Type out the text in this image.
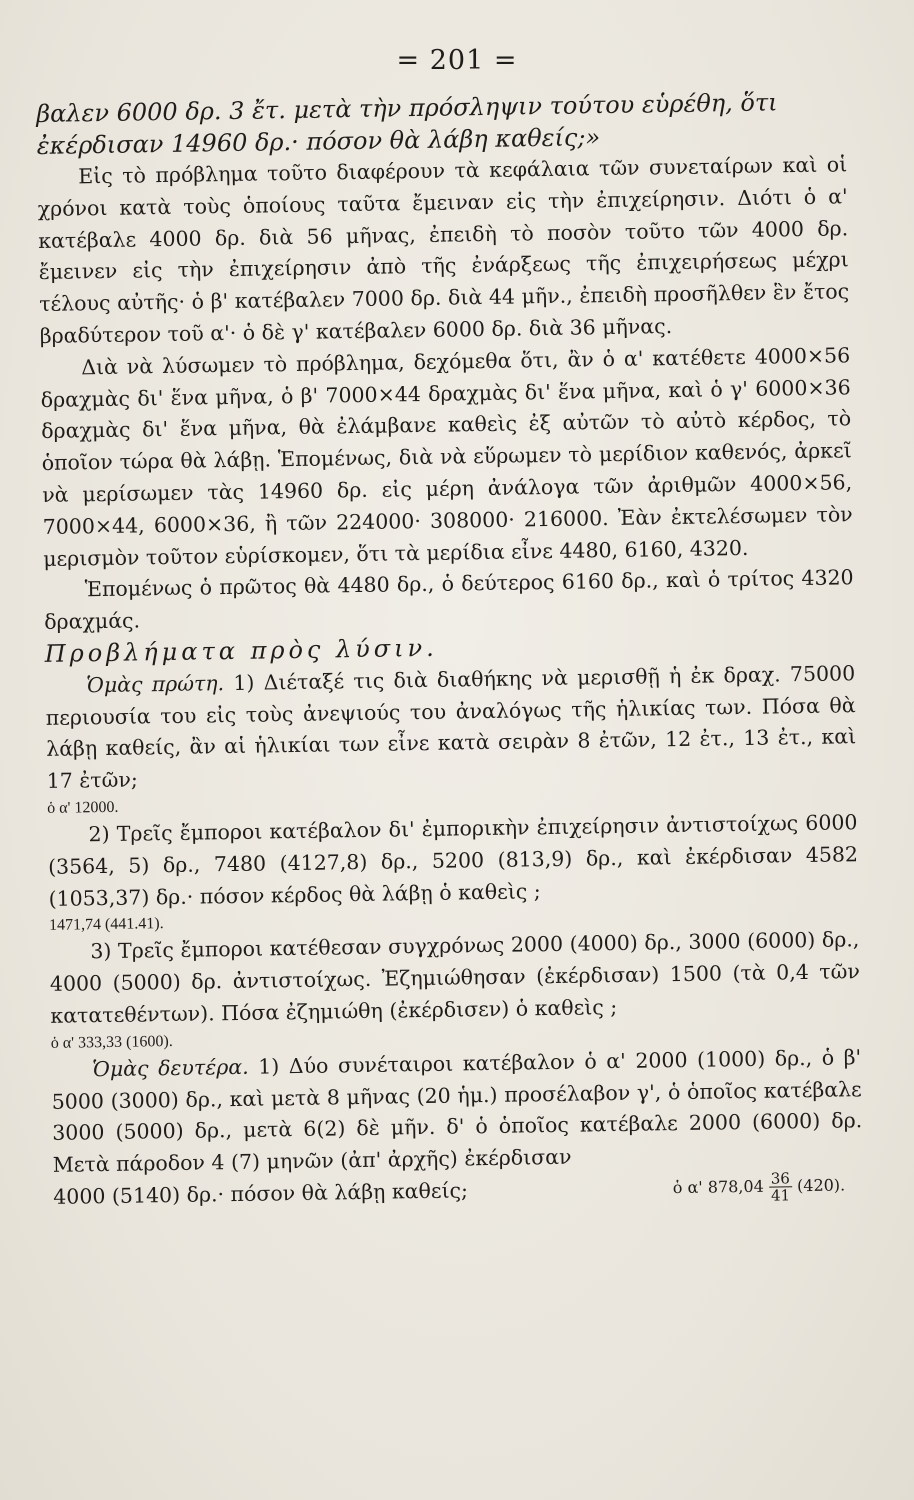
= 201 =

βαλεν 6000 δρ. 3 ἔτ. μετὰ τὴν πρόσληψιν τούτου εὑρέθη, ὅτι

ἐκέρδισαν 14960 δρ.· πόσον θὰ λάβη καθείς;»

Εἰς τὸ πρόβλημα τοῦτο διαφέρουν τὰ κεφάλαια τῶν συνεταίρων καὶ οἱ χρόνοι κατὰ τοὺς ὁποίους ταῦτα ἔμειναν εἰς τὴν ἐπιχείρησιν. Διότι ὁ α' κατέβαλε 4000 δρ. διὰ 56 μῆνας, ἐπειδὴ τὸ ποσὸν τοῦτο τῶν 4000 δρ. ἔμεινεν εἰς τὴν ἐπιχείρησιν ἀπὸ τῆς ἐνάρξεως τῆς ἐπιχειρήσεως μέχρι τέλους αὐτῆς· ὁ β' κατέβαλεν 7000 δρ. διὰ 44 μῆν., ἐπειδὴ προσῆλθεν ἓν ἔτος βραδύτερον τοῦ α'· ὁ δὲ γ' κατέβαλεν 6000 δρ. διὰ 36 μῆνας.

Διὰ νὰ λύσωμεν τὸ πρόβλημα, δεχόμεθα ὅτι, ἂν ὁ α' κατέθετε 4000×56 δραχμὰς δι' ἕνα μῆνα, ὁ β' 7000×44 δραχμὰς δι' ἕνα μῆνα, καὶ ὁ γ' 6000×36 δραχμὰς δι' ἕνα μῆνα, θὰ ἐλάμβανε καθεὶς ἐξ αὐτῶν τὸ αὐτὸ κέρδος, τὸ ὁποῖον τώρα θὰ λάβῃ. Ἑπομένως, διὰ νὰ εὕρωμεν τὸ μερίδιον καθενός, ἀρκεῖ νὰ μερίσωμεν τὰς 14960 δρ. εἰς μέρη ἀνάλογα τῶν ἀριθμῶν 4000×56, 7000×44, 6000×36, ἢ τῶν 224000· 308000· 216000. Ἐὰν ἐκτελέσωμεν τὸν μερισμὸν τοῦτον εὑρίσκομεν, ὅτι τὰ μερίδια εἶνε 4480, 6160, 4320.

Ἑπομένως ὁ πρῶτος θὰ 4480 δρ., ὁ δεύτερος 6160 δρ., καὶ ὁ τρίτος 4320 δραχμάς.

Προβλήματα πρὸς λύσιν.

Ὁμὰς πρώτη. 1) Διέταξέ τις διὰ διαθήκης νὰ μερισθῇ ἡ ἐκ δραχ. 75000 περιουσία του εἰς τοὺς ἀνεψιούς του ἀναλόγως τῆς ἡλικίας των. Πόσα θὰ λάβῃ καθείς, ἂν αἱ ἡλικίαι των εἶνε κατὰ σειρὰν 8 ἐτῶν, 12 ἐτ., 13 ἐτ., καὶ 17 ἐτῶν;

ὁ α' 12000.

2) Τρεῖς ἔμποροι κατέβαλον δι' ἐμπορικὴν ἐπιχείρησιν ἀντιστοίχως 6000 (3564, 5) δρ., 7480 (4127,8) δρ., 5200 (813,9) δρ., καὶ ἐκέρδισαν 4582 (1053,37) δρ.· πόσον κέρδος θὰ λάβῃ ὁ καθεὶς ;

1471,74 (441.41).

3) Τρεῖς ἔμποροι κατέθεσαν συγχρόνως 2000 (4000) δρ., 3000 (6000) δρ., 4000 (5000) δρ. ἀντιστοίχως. Ἐζημιώθησαν (ἐκέρδισαν) 1500 (τὰ 0,4 τῶν κατατεθέντων). Πόσα ἐζημιώθη (ἐκέρδισεν) ὁ καθεὶς ;

ὁ α' 333,33 (1600).

Ὁμὰς δευτέρα. 1) Δύο συνέταιροι κατέβαλον ὁ α' 2000 (1000) δρ., ὁ β' 5000 (3000) δρ., καὶ μετὰ 8 μῆνας (20 ἡμ.) προσέλαβον γ', ὁ ὁποῖος κατέβαλε 3000 (5000) δρ., μετὰ 6(2) δὲ μῆν. δ' ὁ ὁποῖος κατέβαλε 2000 (6000) δρ. Μετὰ πάροδον 4 (7) μηνῶν (ἀπ' ἀρχῆς) ἐκέρδισαν

4000 (5140) δρ.· πόσον θὰ λάβῃ καθείς;	ὁ α' $878,04 \frac{36}{41} (420)$.
